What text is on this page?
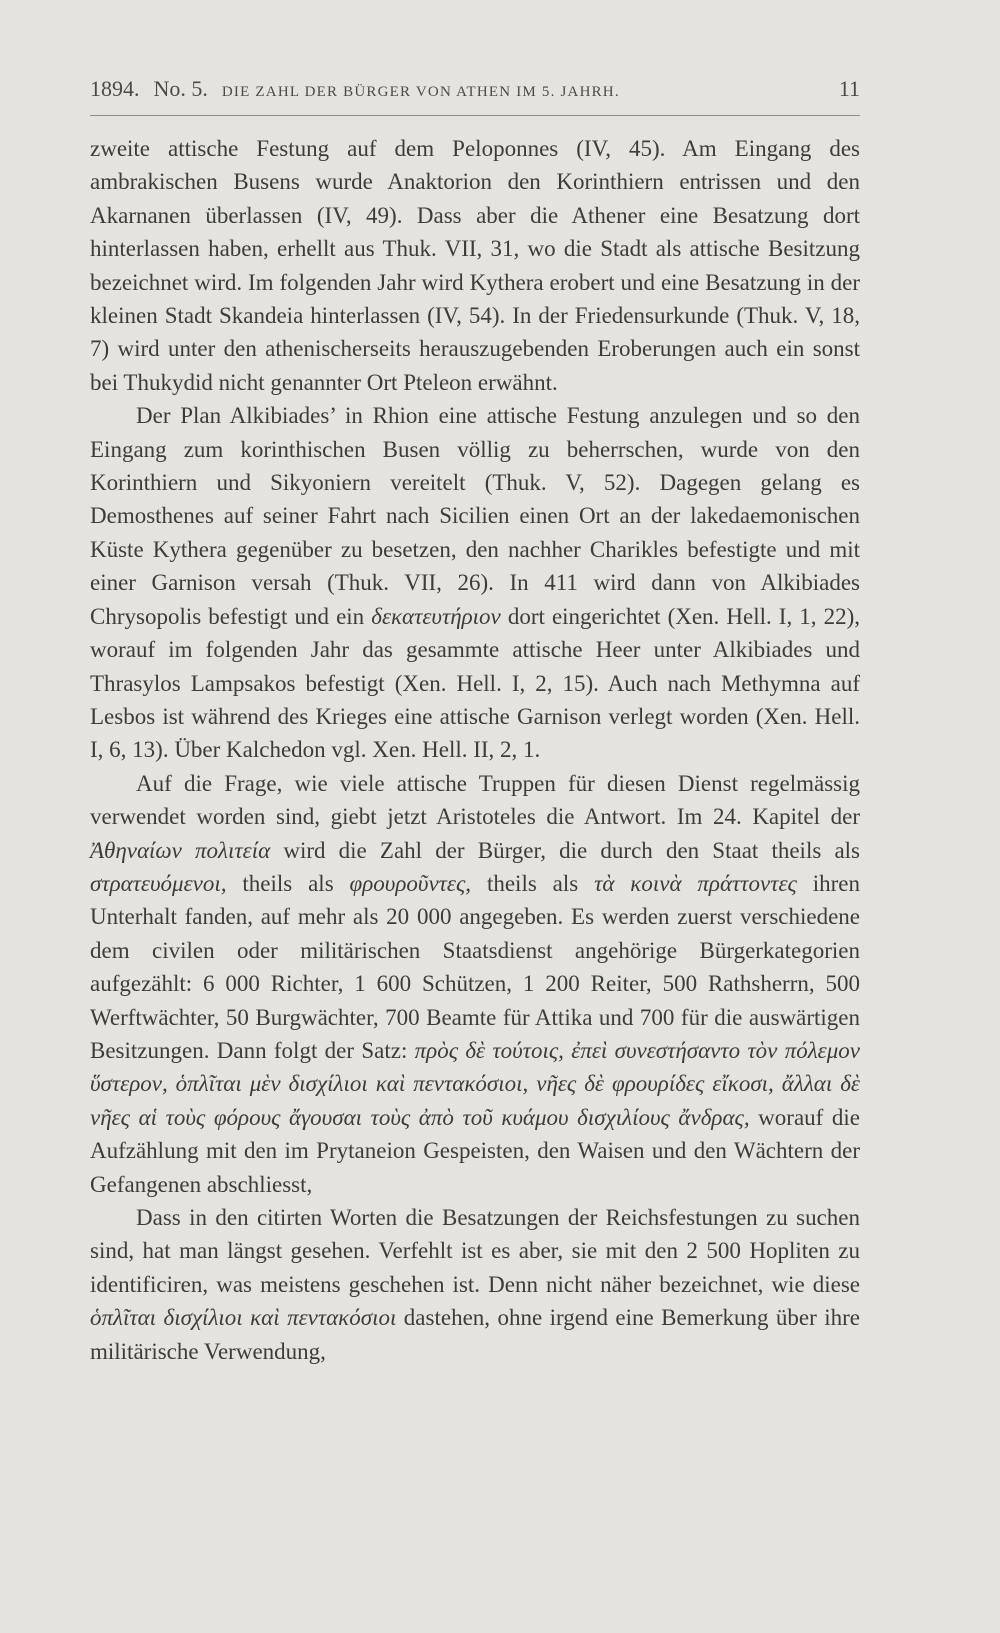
1894. No. 5. DIE ZAHL DER BÜRGER VON ATHEN IM 5. JAHRH.	11

zweite attische Festung auf dem Peloponnes (IV, 45). Am Eingang des ambrakischen Busens wurde Anaktorion den Korinthiern entrissen und den Akarnanen überlassen (IV, 49). Dass aber die Athener eine Besatzung dort hinterlassen haben, erhellt aus Thuk. VII, 31, wo die Stadt als attische Besitzung bezeichnet wird. Im folgenden Jahr wird Kythera erobert und eine Besatzung in der kleinen Stadt Skandeia hinterlassen (IV, 54). In der Friedensurkunde (Thuk. V, 18, 7) wird unter den athenischerseits herauszugebenden Eroberungen auch ein sonst bei Thukydid nicht genannter Ort Pteleon erwähnt.

Der Plan Alkibiades’ in Rhion eine attische Festung anzulegen und so den Eingang zum korinthischen Busen völlig zu beherrschen, wurde von den Korinthiern und Sikyoniern vereitelt (Thuk. V, 52). Dagegen gelang es Demosthenes auf seiner Fahrt nach Sicilien einen Ort an der lakedaemonischen Küste Kythera gegenüber zu besetzen, den nachher Charikles befestigte und mit einer Garnison versah (Thuk. VII, 26). In 411 wird dann von Alkibiades Chrysopolis befestigt und ein δεκατευτήριον dort eingerichtet (Xen. Hell. I, 1, 22), worauf im folgenden Jahr das gesammte attische Heer unter Alkibiades und Thrasylos Lampsakos befestigt (Xen. Hell. I, 2, 15). Auch nach Methymna auf Lesbos ist während des Krieges eine attische Garnison verlegt worden (Xen. Hell. I, 6, 13). Über Kalchedon vgl. Xen. Hell. II, 2, 1.

Auf die Frage, wie viele attische Truppen für diesen Dienst regelmässig verwendet worden sind, giebt jetzt Aristoteles die Antwort. Im 24. Kapitel der Ἀθηναίων πολιτεία wird die Zahl der Bürger, die durch den Staat theils als στρατευόμενοι, theils als φρουροῦντες, theils als τὰ κοινὰ πράττοντες ihren Unterhalt fanden, auf mehr als 20 000 angegeben. Es werden zuerst verschiedene dem civilen oder militärischen Staatsdienst angehörige Bürgerkategorien aufgezählt: 6 000 Richter, 1 600 Schützen, 1 200 Reiter, 500 Rathsherrn, 500 Werftwächter, 50 Burgwächter, 700 Beamte für Attika und 700 für die auswärtigen Besitzungen. Dann folgt der Satz: πρὸς δὲ τούτοις, ἐπεὶ συνεστήσαντο τὸν πόλεμον ὕστερον, ὁπλῖται μὲν δισχίλιοι καὶ πεντακόσιοι, νῆες δὲ φρουρίδες εἴκοσι, ἄλλαι δὲ νῆες αἱ τοὺς φόρους ἄγουσαι τοὺς ἀπὸ τοῦ κυάμου δισχιλίους ἄνδρας, worauf die Aufzählung mit den im Prytaneion Gespeisten, den Waisen und den Wächtern der Gefangenen abschliesst,

Dass in den citirten Worten die Besatzungen der Reichsfestungen zu suchen sind, hat man längst gesehen. Verfehlt ist es aber, sie mit den 2 500 Hopliten zu identificiren, was meistens geschehen ist. Denn nicht näher bezeichnet, wie diese ὁπλῖται δισχίλιοι καὶ πεντακόσιοι dastehen, ohne irgend eine Bemerkung über ihre militärische Verwendung,
